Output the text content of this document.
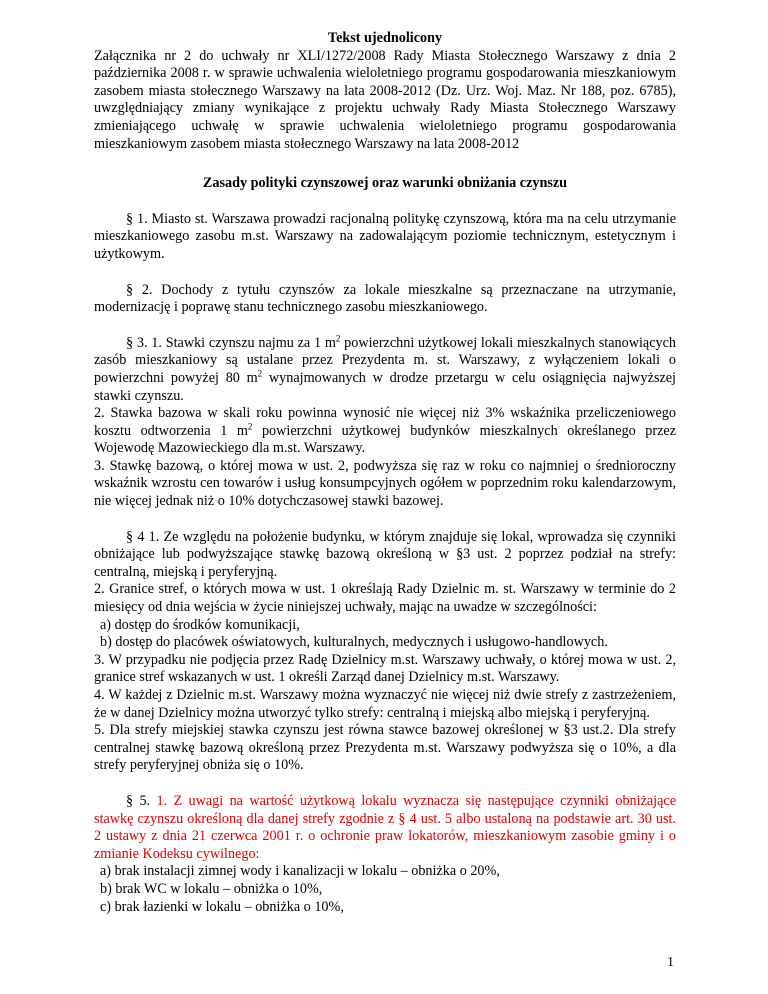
Tekst ujednolicony

Załącznika nr 2 do uchwały nr XLI/1272/2008 Rady Miasta Stołecznego Warszawy z dnia 2 października 2008 r. w sprawie uchwalenia wieloletniego programu gospodarowania mieszkaniowym zasobem miasta stołecznego Warszawy na lata 2008-2012 (Dz. Urz. Woj. Maz. Nr 188, poz. 6785), uwzględniający zmiany wynikające z projektu uchwały Rady Miasta Stołecznego Warszawy zmieniającego uchwałę w sprawie uchwalenia wieloletniego programu gospodarowania mieszkaniowym zasobem miasta stołecznego Warszawy na lata 2008-2012

Zasady polityki czynszowej oraz warunki obniżania czynszu

§ 1. Miasto st. Warszawa prowadzi racjonalną politykę czynszową, która ma na celu utrzymanie mieszkaniowego zasobu m.st. Warszawy na zadowalającym poziomie technicznym, estetycznym i użytkowym.

§ 2. Dochody z tytułu czynszów za lokale mieszkalne są przeznaczane na utrzymanie, modernizację i poprawę stanu technicznego zasobu mieszkaniowego.

§ 3. 1. Stawki czynszu najmu za 1 $m^2$ powierzchni użytkowej lokali mieszkalnych stanowiących zasób mieszkaniowy są ustalane przez Prezydenta m. st. Warszawy, z wyłączeniem lokali o powierzchni powyżej 80 $m^2$ wynajmowanych w drodze przetargu w celu osiągnięcia najwyższej stawki czynszu.

2. Stawka bazowa w skali roku powinna wynosić nie więcej niż 3% wskaźnika przeliczeniowego kosztu odtworzenia 1 $m^2$ powierzchni użytkowej budynków mieszkalnych określanego przez Wojewodę Mazowieckiego dla m.st. Warszawy.

3. Stawkę bazową, o której mowa w ust. 2, podwyższa się raz w roku co najmniej o średnioroczny wskaźnik wzrostu cen towarów i usług konsumpcyjnych ogółem w poprzednim roku kalendarzowym, nie więcej jednak niż o 10% dotychczasowej stawki bazowej.

§ 4 1. Ze względu na położenie budynku, w którym znajduje się lokal, wprowadza się czynniki obniżające lub podwyższające stawkę bazową określoną w §3 ust. 2 poprzez podział na strefy: centralną, miejską i peryferyjną.

2. Granice stref, o których mowa w ust. 1 określają Rady Dzielnic m. st. Warszawy w terminie do 2 miesięcy od dnia wejścia w życie niniejszej uchwały, mając na uwadze w szczególności:

a) dostęp do środków komunikacji,

b) dostęp do placówek oświatowych, kulturalnych, medycznych i usługowo-handlowych.

3. W przypadku nie podjęcia przez Radę Dzielnicy m.st. Warszawy uchwały, o której mowa w ust. 2, granice stref wskazanych w ust. 1 określi Zarząd danej Dzielnicy m.st. Warszawy.

4. W każdej z Dzielnic m.st. Warszawy można wyznaczyć nie więcej niż dwie strefy z zastrzeżeniem, że w danej Dzielnicy można utworzyć tylko strefy: centralną i miejską albo miejską i peryferyjną.

5. Dla strefy miejskiej stawka czynszu jest równa stawce bazowej określonej w §3 ust.2. Dla strefy centralnej stawkę bazową określoną przez Prezydenta m.st. Warszawy podwyższa się o 10%, a dla strefy peryferyjnej obniża się o 10%.

§ 5. 1. Z uwagi na wartość użytkową lokalu wyznacza się następujące czynniki obniżające stawkę czynszu określoną dla danej strefy zgodnie z § 4 ust. 5 albo ustaloną na podstawie art. 30 ust. 2 ustawy z dnia 21 czerwca 2001 r. o ochronie praw lokatorów, mieszkaniowym zasobie gminy i o zmianie Kodeksu cywilnego:

a) brak instalacji zimnej wody i kanalizacji w lokalu – obniżka o 20%,

b) brak WC w lokalu – obniżka o 10%,

c) brak łazienki w lokalu – obniżka o 10%,

1
